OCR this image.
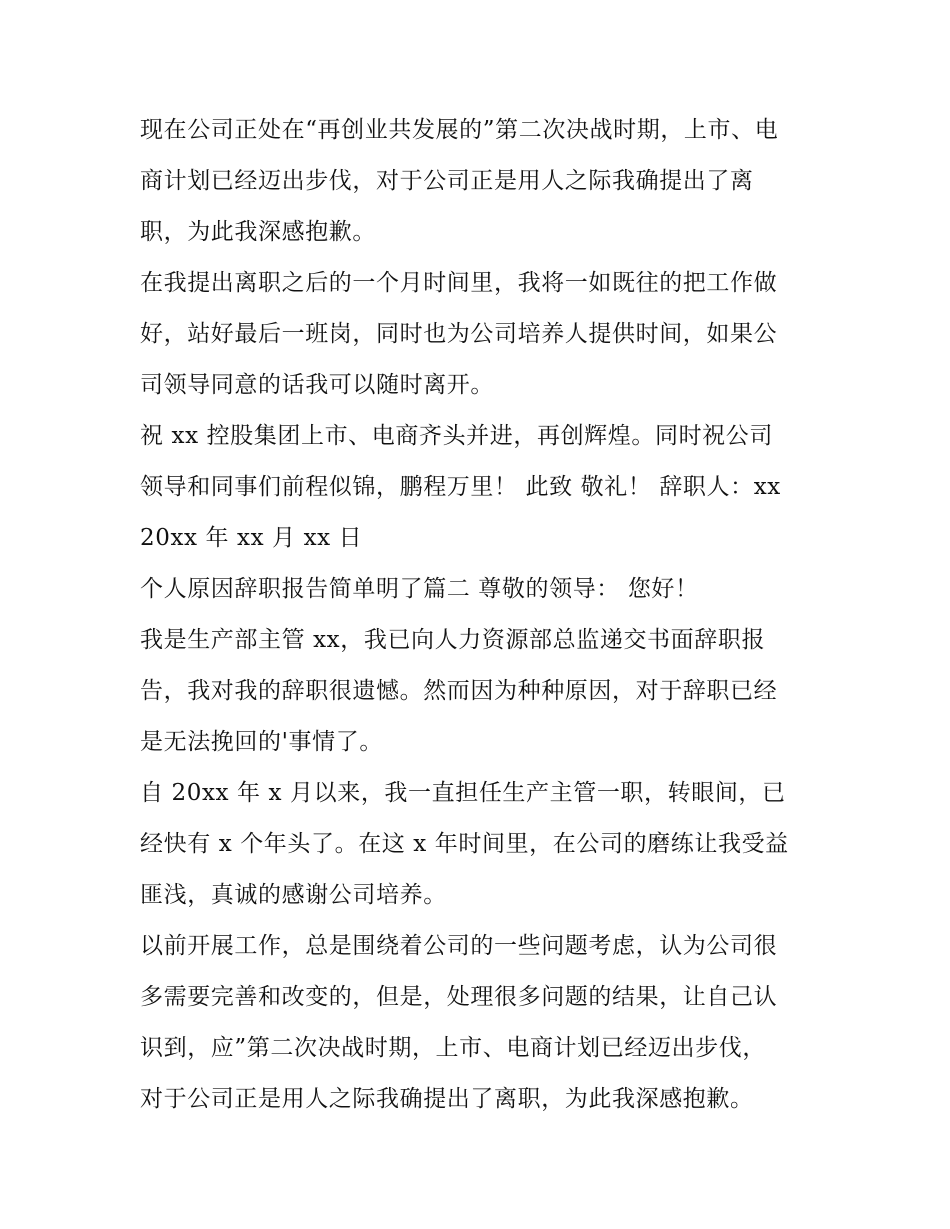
现在公司正处在“再创业共发展的”第二次决战时期，上市、电
商计划已经迈出步伐，对于公司正是用人之际我确提出了离
职，为此我深感抱歉。
在我提出离职之后的一个月时间里，我将一如既往的把工作做
好，站好最后一班岗，同时也为公司培养人提供时间，如果公
司领导同意的话我可以随时离开。
祝 xx 控股集团上市、电商齐头并进，再创辉煌。同时祝公司
领导和同事们前程似锦，鹏程万里！ 此致 敬礼！ 辞职人：xx
20xx 年 xx 月 xx 日
个人原因辞职报告简单明了篇二 尊敬的领导： 您好！
我是生产部主管 xx，我已向人力资源部总监递交书面辞职报
告，我对我的辞职很遗憾。然而因为种种原因，对于辞职已经
是无法挽回的'事情了。
自 20xx 年 x 月以来，我一直担任生产主管一职，转眼间，已
经快有 x 个年头了。在这 x 年时间里，在公司的磨练让我受益
匪浅，真诚的感谢公司培养。
以前开展工作，总是围绕着公司的一些问题考虑，认为公司很
多需要完善和改变的，但是，处理很多问题的结果，让自己认
识到，应”第二次决战时期，上市、电商计划已经迈出步伐，
对于公司正是用人之际我确提出了离职，为此我深感抱歉。
